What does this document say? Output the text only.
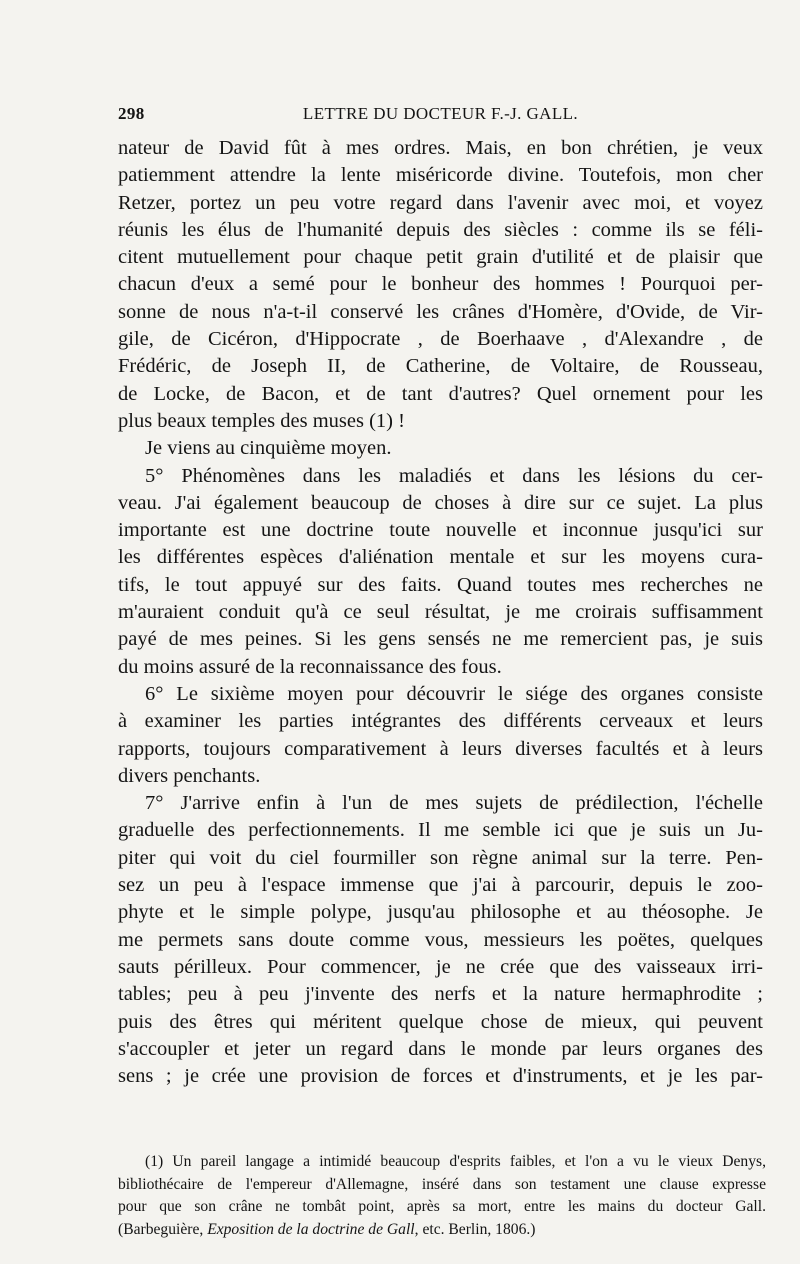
298	LETTRE DU DOCTEUR F.-J. GALL.
nateur de David fût à mes ordres. Mais, en bon chrétien, je veux
patiemment attendre la lente miséricorde divine. Toutefois, mon cher
Retzer, portez un peu votre regard dans l'avenir avec moi, et voyez
réunis les élus de l'humanité depuis des siècles : comme ils se féli-
citent mutuellement pour chaque petit grain d'utilité et de plaisir que
chacun d'eux a semé pour le bonheur des hommes ! Pourquoi per-
sonne de nous n'a-t-il conservé les crânes d'Homère, d'Ovide, de Vir-
gile, de Cicéron, d'Hippocrate , de Boerhaave , d'Alexandre , de
Frédéric, de Joseph II, de Catherine, de Voltaire, de Rousseau,
de Locke, de Bacon, et de tant d'autres? Quel ornement pour les
plus beaux temples des muses (1) !
Je viens au cinquième moyen.
5° Phénomènes dans les maladiés et dans les lésions du cer-
veau. J'ai également beaucoup de choses à dire sur ce sujet. La plus
importante est une doctrine toute nouvelle et inconnue jusqu'ici sur
les différentes espèces d'aliénation mentale et sur les moyens cura-
tifs, le tout appuyé sur des faits. Quand toutes mes recherches ne
m'auraient conduit qu'à ce seul résultat, je me croirais suffisamment
payé de mes peines. Si les gens sensés ne me remercient pas, je suis
du moins assuré de la reconnaissance des fous.
6° Le sixième moyen pour découvrir le siége des organes consiste
à examiner les parties intégrantes des différents cerveaux et leurs
rapports, toujours comparativement à leurs diverses facultés et à leurs
divers penchants.
7° J'arrive enfin à l'un de mes sujets de prédilection, l'échelle
graduelle des perfectionnements. Il me semble ici que je suis un Ju-
piter qui voit du ciel fourmiller son règne animal sur la terre. Pen-
sez un peu à l'espace immense que j'ai à parcourir, depuis le zoo-
phyte et le simple polype, jusqu'au philosophe et au théosophe. Je
me permets sans doute comme vous, messieurs les poëtes, quelques
sauts périlleux. Pour commencer, je ne crée que des vaisseaux irri-
tables; peu à peu j'invente des nerfs et la nature hermaphrodite ;
puis des êtres qui méritent quelque chose de mieux, qui peuvent
s'accoupler et jeter un regard dans le monde par leurs organes des
sens ; je crée une provision de forces et d'instruments, et je les par-
(1) Un pareil langage a intimidé beaucoup d'esprits faibles, et l'on a vu le vieux Denys,
bibliothécaire de l'empereur d'Allemagne, inséré dans son testament une clause expresse
pour que son crâne ne tombât point, après sa mort, entre les mains du docteur Gall.
(Barbeguière, Exposition de la doctrine de Gall, etc. Berlin, 1806.)
